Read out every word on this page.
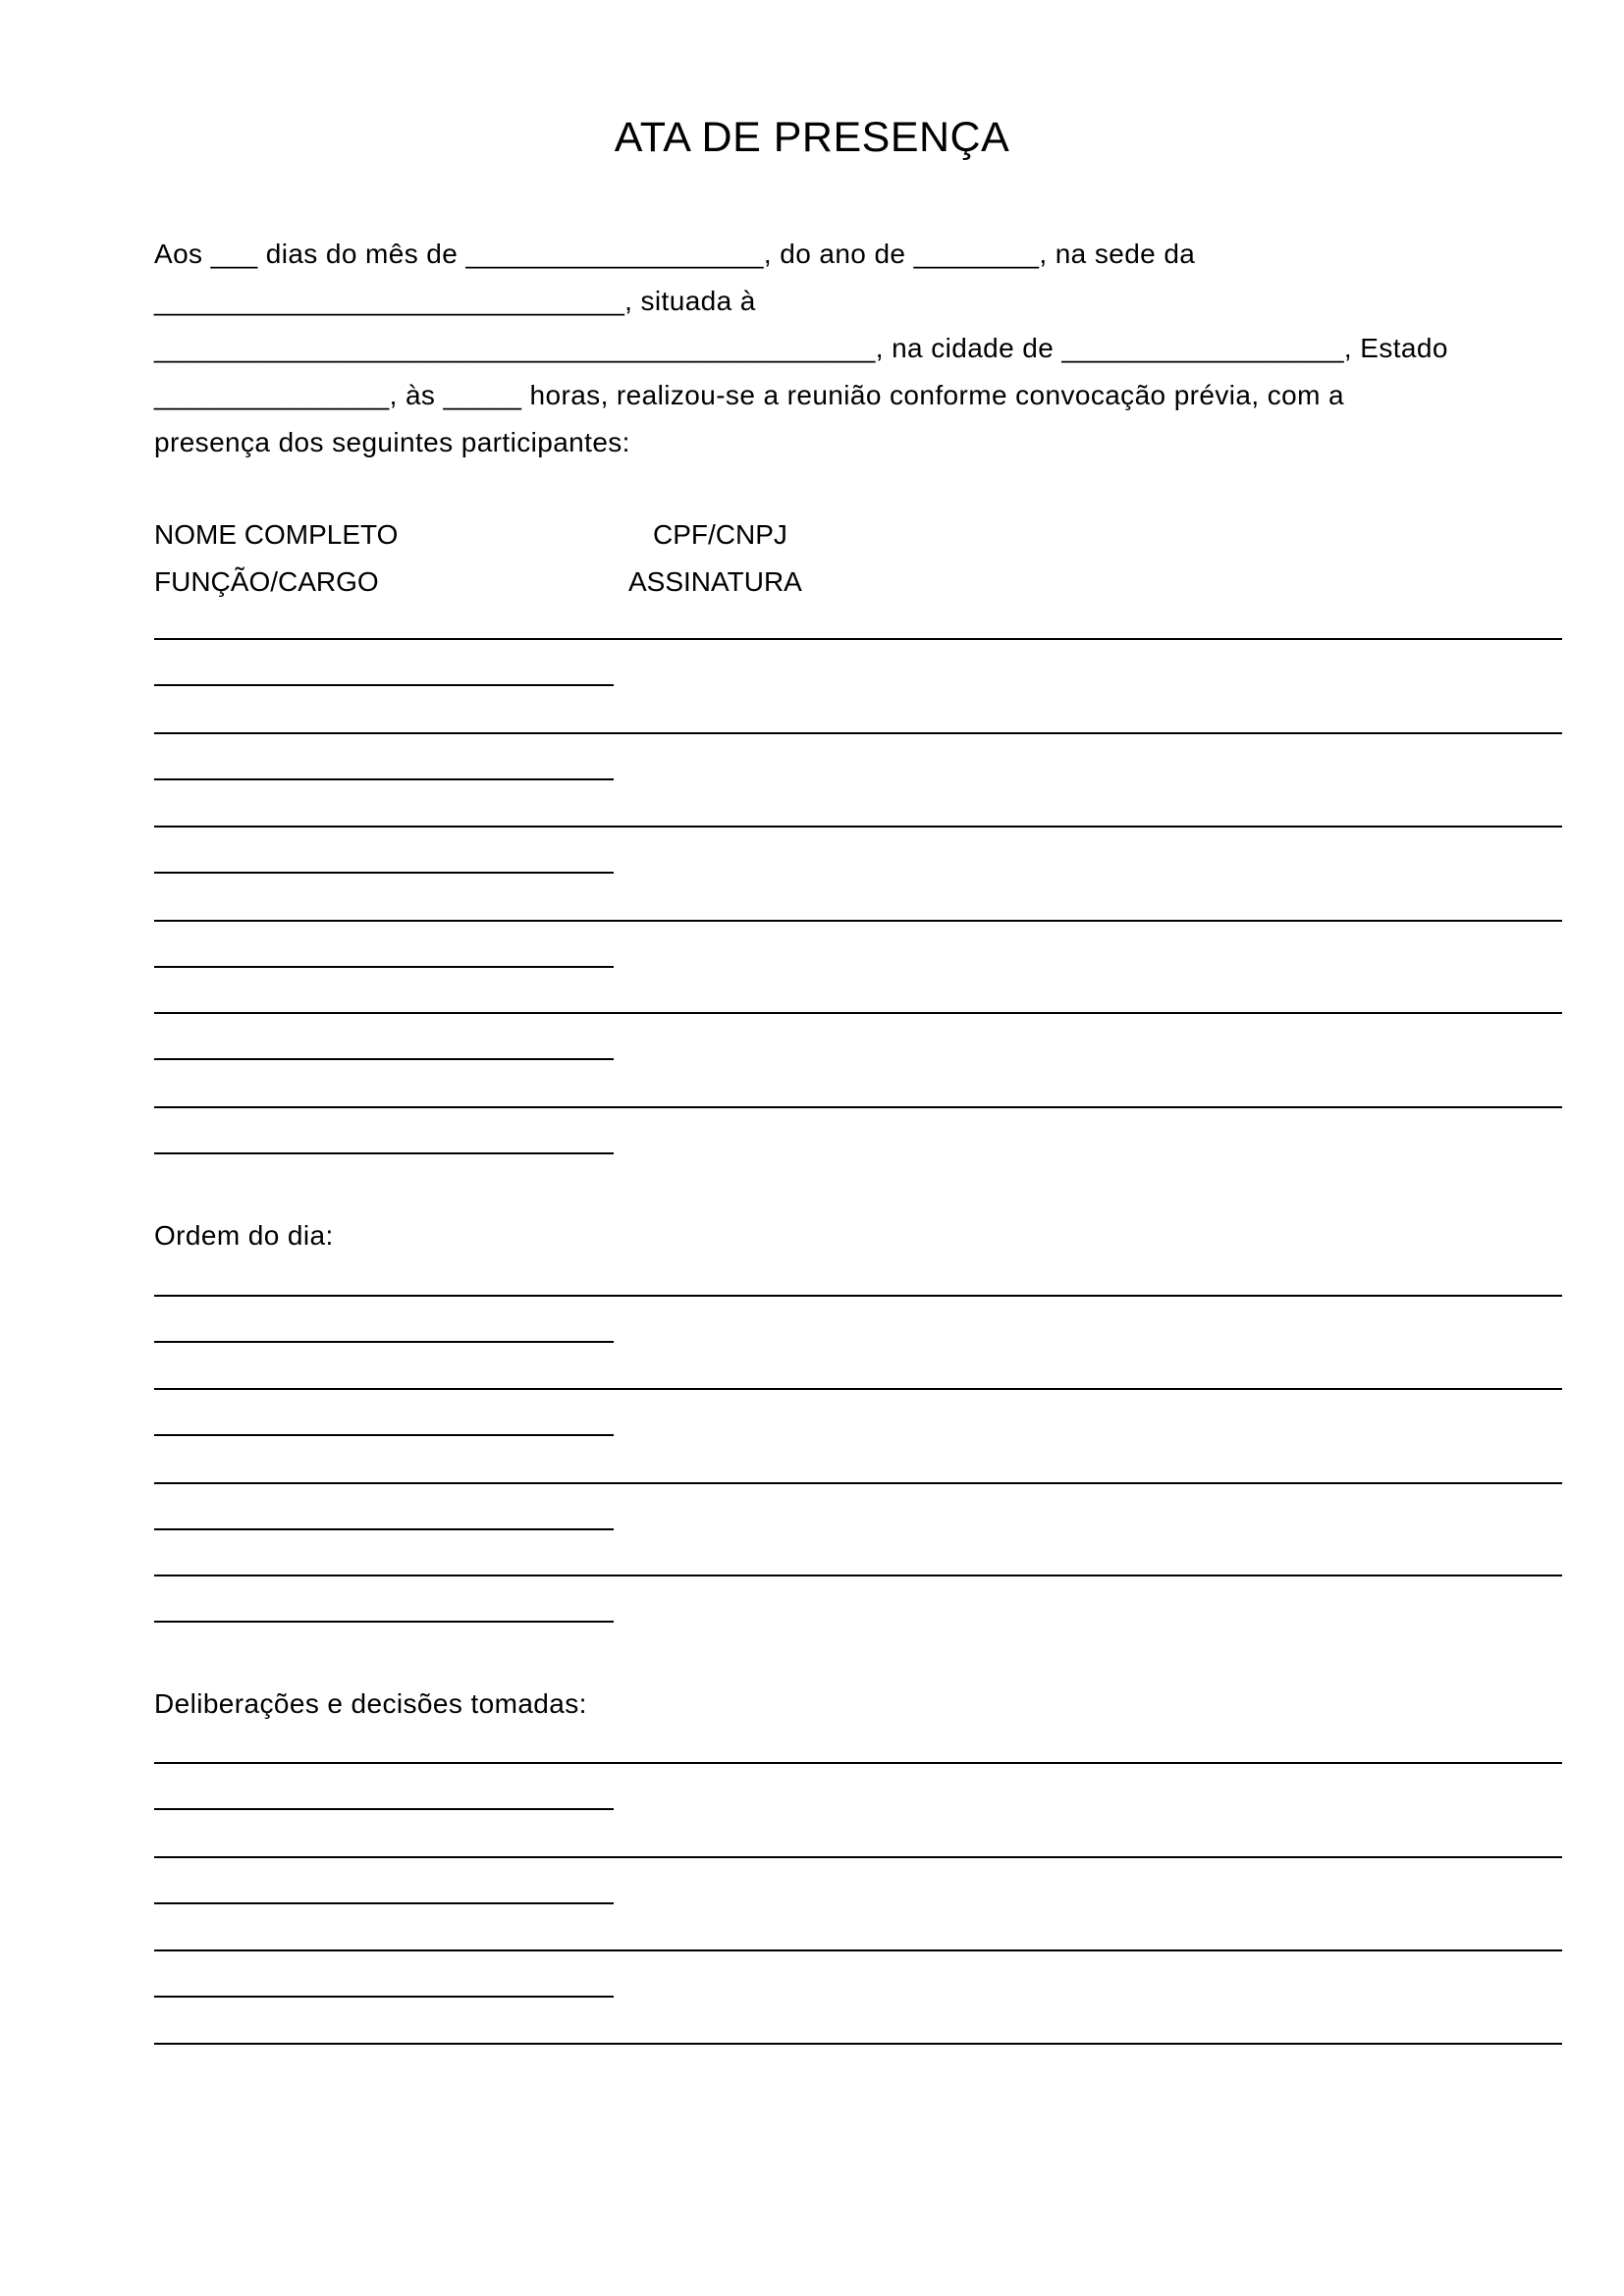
ATA DE PRESENÇA
Aos ___ dias do mês de ___________________, do ano de ________, na sede da
______________________________, situada à
______________________________________________, na cidade de __________________, Estado
_______________, às _____ horas, realizou-se a reunião conforme convocação prévia, com a
presença dos seguintes participantes:
NOME COMPLETO	CPF/CNPJ
FUNÇÃO/CARGO	ASSINATURA
Ordem do dia:
Deliberações e decisões tomadas:
